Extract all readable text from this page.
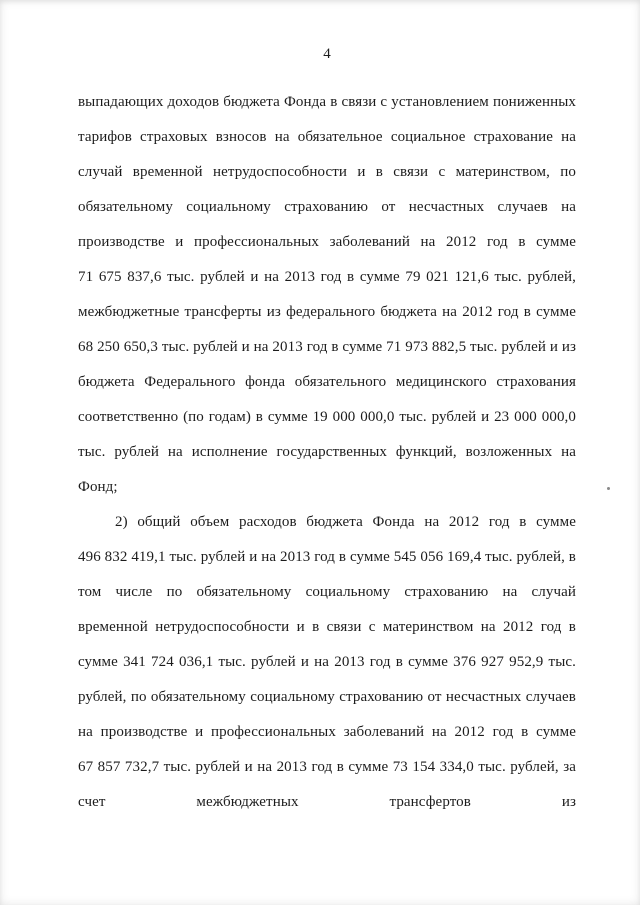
4

выпадающих доходов бюджета Фонда в связи с установлением пониженных тарифов страховых взносов на обязательное социальное страхование на случай временной нетрудоспособности и в связи с материнством, по обязательному социальному страхованию от несчастных случаев на производстве и профессиональных заболеваний на 2012 год в сумме 71 675 837,6 тыс. рублей и на 2013 год в сумме 79 021 121,6 тыс. рублей, межбюджетные трансферты из федерального бюджета на 2012 год в сумме 68 250 650,3 тыс. рублей и на 2013 год в сумме 71 973 882,5 тыс. рублей и из бюджета Федерального фонда обязательного медицинского страхования соответственно (по годам) в сумме 19 000 000,0 тыс. рублей и 23 000 000,0 тыс. рублей на исполнение государственных функций, возложенных на Фонд;

2) общий объем расходов бюджета Фонда на 2012 год в сумме 496 832 419,1 тыс. рублей и на 2013 год в сумме 545 056 169,4 тыс. рублей, в том числе по обязательному социальному страхованию на случай временной нетрудоспособности и в связи с материнством на 2012 год в сумме 341 724 036,1 тыс. рублей и на 2013 год в сумме 376 927 952,9 тыс. рублей, по обязательному социальному страхованию от несчастных случаев на производстве и профессиональных заболеваний на 2012 год в сумме 67 857 732,7 тыс. рублей и на 2013 год в сумме 73 154 334,0 тыс. рублей, за счет межбюджетных трансфертов из
